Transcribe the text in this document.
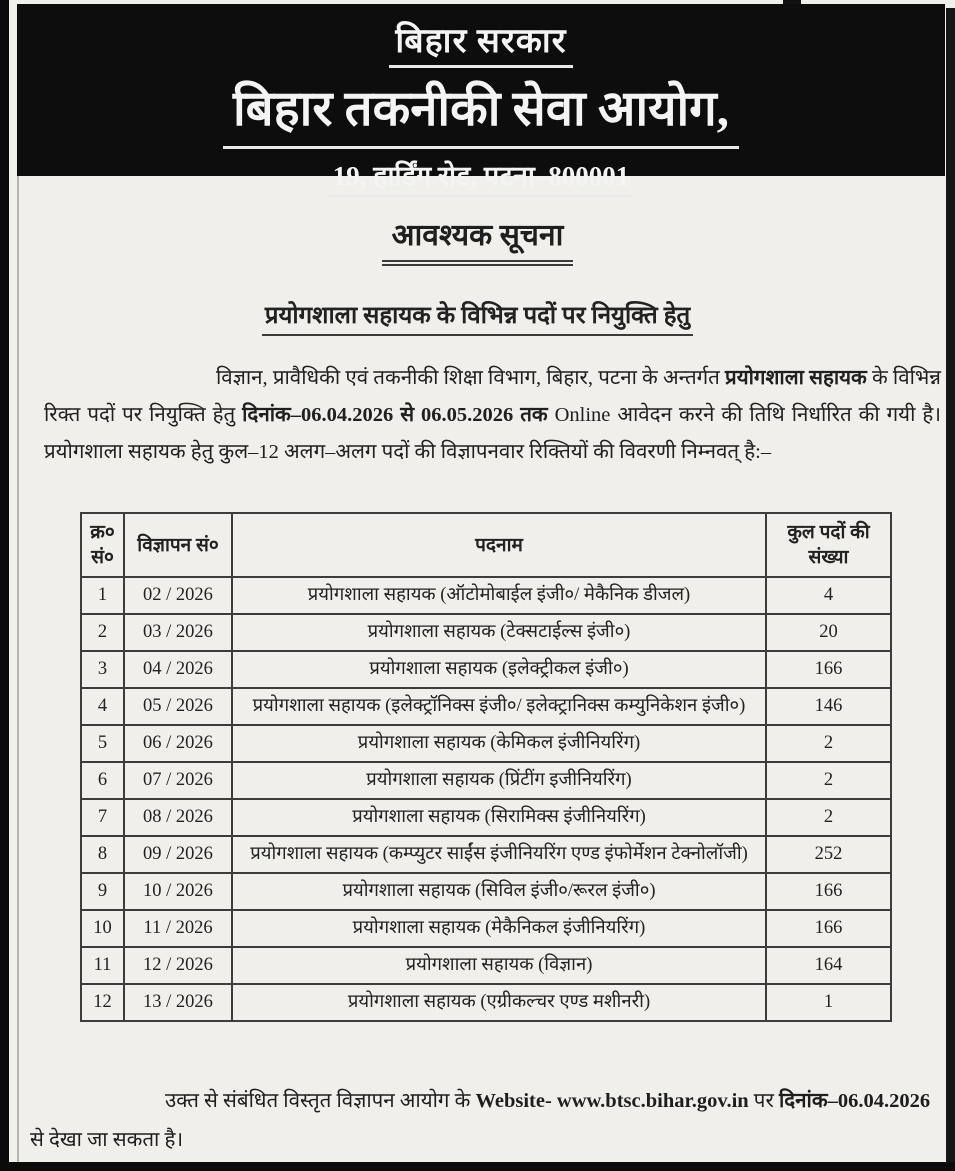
बिहार सरकार
बिहार तकनीकी सेवा आयोग,
19, हार्डिंग रोड, पटना–800001
आवश्यक सूचना
प्रयोगशाला सहायक के विभिन्न पदों पर नियुक्ति हेतु

विज्ञान, प्रावैधिकी एवं तकनीकी शिक्षा विभाग, बिहार, पटना के अन्तर्गत प्रयोगशाला सहायक के विभिन्न रिक्त पदों पर नियुक्ति हेतु दिनांक–06.04.2026 से 06.05.2026 तक Online आवेदन करने की तिथि निर्धारित की गयी है। प्रयोगशाला सहायक हेतु कुल–12 अलग–अलग पदों की विज्ञापनवार रिक्तियों की विवरणी निम्नवत् है:–

क्र० सं०	विज्ञापन सं०	पदनाम	कुल पदों की संख्या
1	02 / 2026	प्रयोगशाला सहायक (ऑटोमोबाईल इंजी०/ मेकैनिक डीजल)	4
2	03 / 2026	प्रयोगशाला सहायक (टेक्सटाईल्स इंजी०)	20
3	04 / 2026	प्रयोगशाला सहायक (इलेक्ट्रीकल इंजी०)	166
4	05 / 2026	प्रयोगशाला सहायक (इलेक्ट्रॉनिक्स इंजी०/ इलेक्ट्रानिक्स कम्युनिकेशन इंजी०)	146
5	06 / 2026	प्रयोगशाला सहायक (केमिकल इंजीनियरिंग)	2
6	07 / 2026	प्रयोगशाला सहायक (प्रिंटींग इजीनियरिंग)	2
7	08 / 2026	प्रयोगशाला सहायक (सिरामिक्स इंजीनियरिंग)	2
8	09 / 2026	प्रयोगशाला सहायक (कम्प्युटर साईंस इंजीनियरिंग एण्ड इंफोर्मेशन टेक्नोलॉजी)	252
9	10 / 2026	प्रयोगशाला सहायक (सिविल इंजी०/रूरल इंजी०)	166
10	11 / 2026	प्रयोगशाला सहायक (मेकैनिकल इंजीनियरिंग)	166
11	12 / 2026	प्रयोगशाला सहायक (विज्ञान)	164
12	13 / 2026	प्रयोगशाला सहायक (एग्रीकल्चर एण्ड मशीनरी)	1

उक्त से संबंधित विस्तृत विज्ञापन आयोग के Website- www.btsc.bihar.gov.in पर दिनांक–06.04.2026 से देखा जा सकता है।
